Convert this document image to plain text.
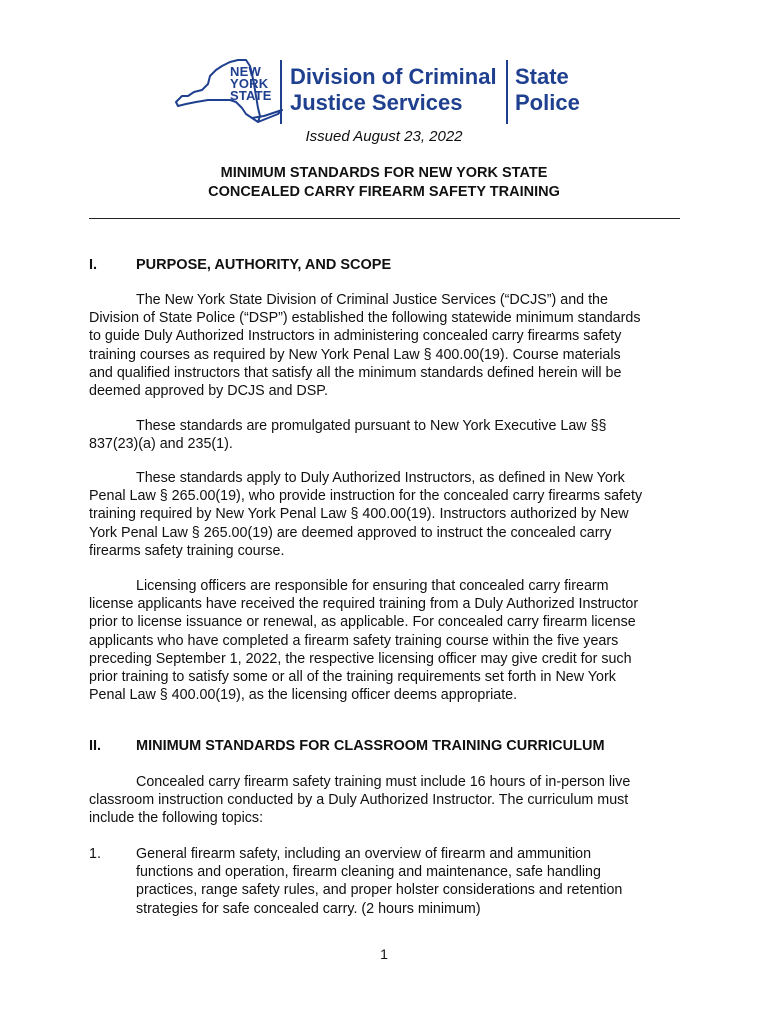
NEW
YORK
STATE
Division of Criminal
Justice Services
State
Police
Issued August 23, 2022
MINIMUM STANDARDS FOR NEW YORK STATE
CONCEALED CARRY FIREARM SAFETY TRAINING
I.	PURPOSE, AUTHORITY, AND SCOPE
The New York State Division of Criminal Justice Services (“DCJS”) and the
Division of State Police (“DSP”) established the following statewide minimum standards
to guide Duly Authorized Instructors in administering concealed carry firearms safety
training courses as required by New York Penal Law § 400.00(19). Course materials
and qualified instructors that satisfy all the minimum standards defined herein will be
deemed approved by DCJS and DSP.
These standards are promulgated pursuant to New York Executive Law §§
837(23)(a) and 235(1).
These standards apply to Duly Authorized Instructors, as defined in New York
Penal Law § 265.00(19), who provide instruction for the concealed carry firearms safety
training required by New York Penal Law § 400.00(19). Instructors authorized by New
York Penal Law § 265.00(19) are deemed approved to instruct the concealed carry
firearms safety training course.
Licensing officers are responsible for ensuring that concealed carry firearm
license applicants have received the required training from a Duly Authorized Instructor
prior to license issuance or renewal, as applicable. For concealed carry firearm license
applicants who have completed a firearm safety training course within the five years
preceding September 1, 2022, the respective licensing officer may give credit for such
prior training to satisfy some or all of the training requirements set forth in New York
Penal Law § 400.00(19), as the licensing officer deems appropriate.
II. MINIMUM STANDARDS FOR CLASSROOM TRAINING CURRICULUM
Concealed carry firearm safety training must include 16 hours of in-person live
classroom instruction conducted by a Duly Authorized Instructor. The curriculum must
include the following topics:
1. General firearm safety, including an overview of firearm and ammunition
functions and operation, firearm cleaning and maintenance, safe handling
practices, range safety rules, and proper holster considerations and retention
strategies for safe concealed carry. (2 hours minimum)
1
